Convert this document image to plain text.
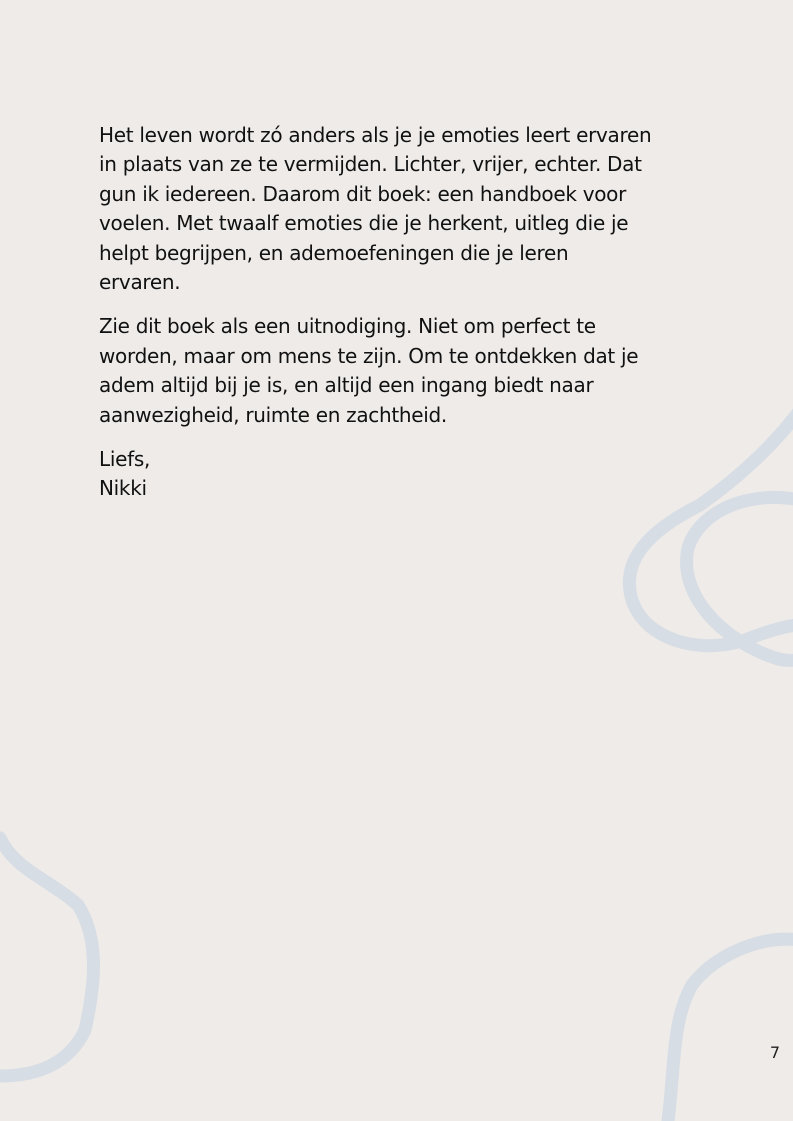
Het leven wordt zó anders als je je emoties leert ervaren
in plaats van ze te vermijden. Lichter, vrijer, echter. Dat
gun ik iedereen. Daarom dit boek: een handboek voor
voelen. Met twaalf emoties die je herkent, uitleg die je
helpt begrijpen, en ademoefeningen die je leren
ervaren.

Zie dit boek als een uitnodiging. Niet om perfect te
worden, maar om mens te zijn. Om te ontdekken dat je
adem altijd bij je is, en altijd een ingang biedt naar
aanwezigheid, ruimte en zachtheid.

Liefs,

Nikki

7
